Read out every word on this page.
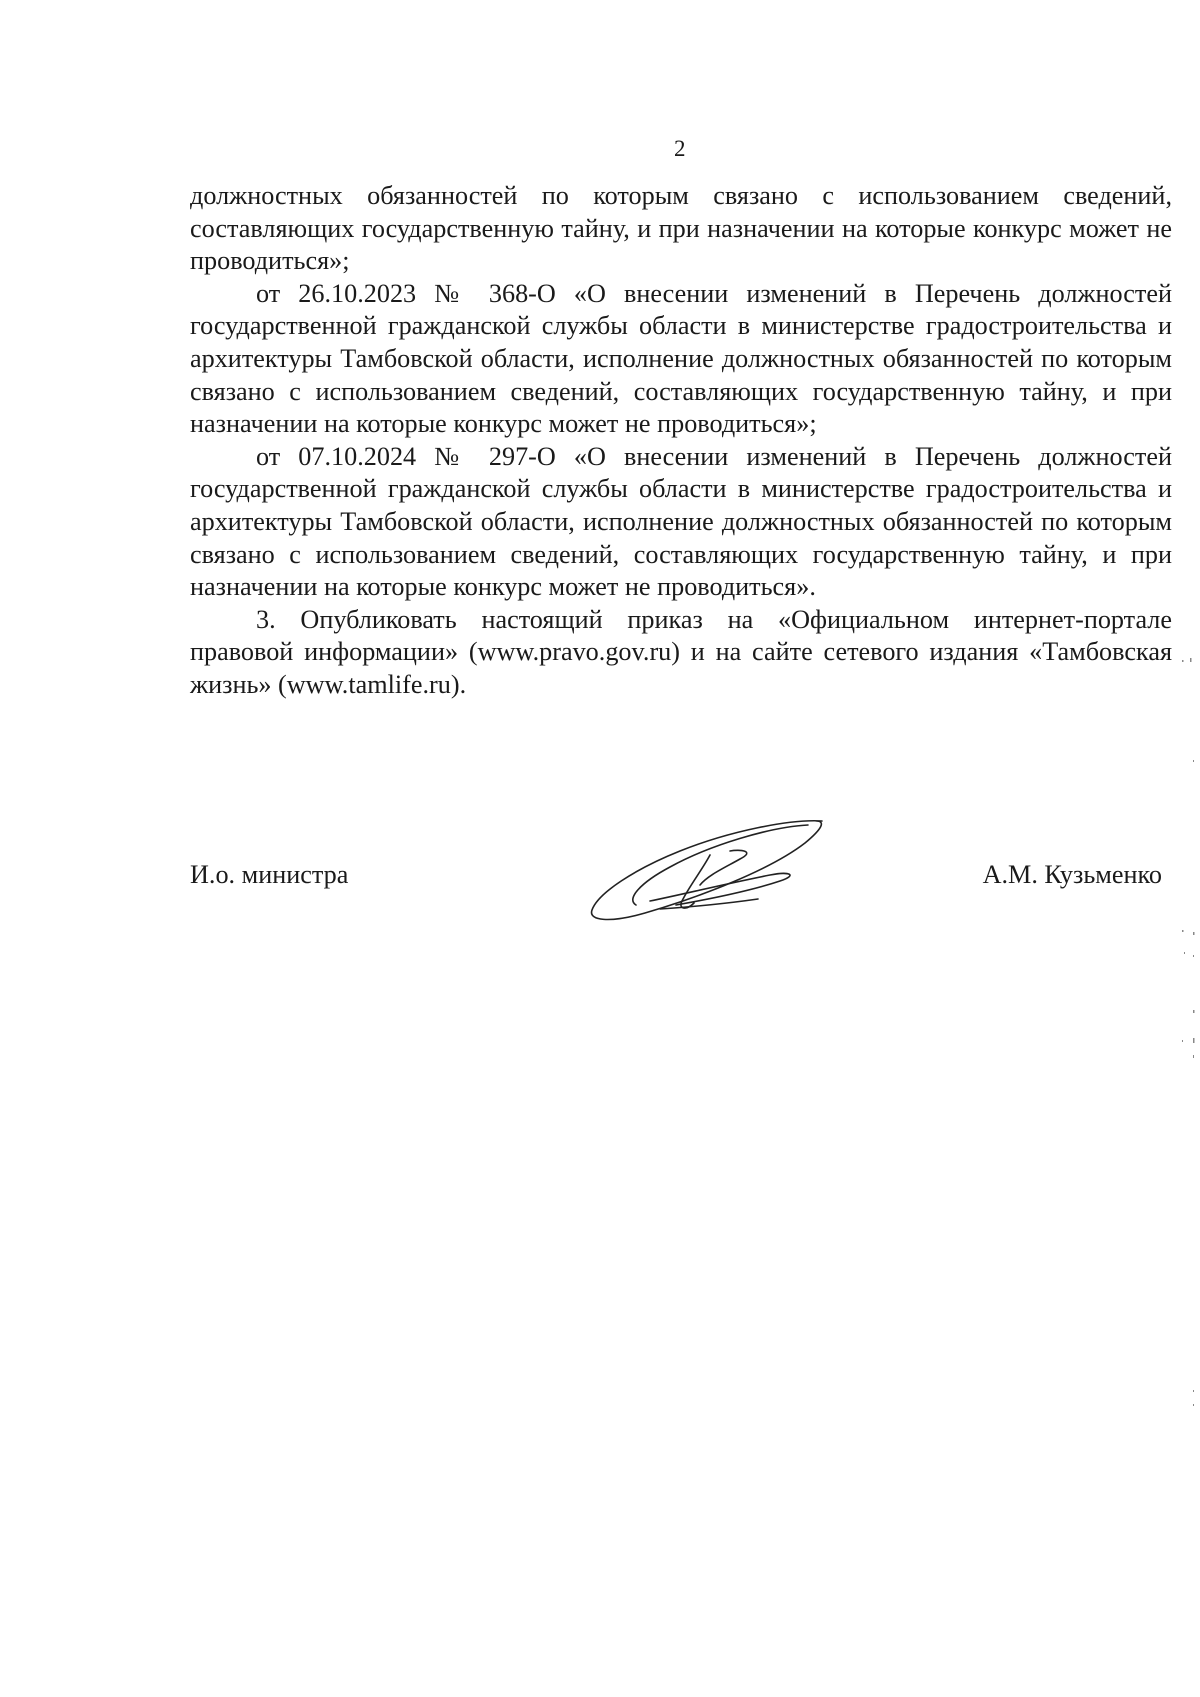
2

должностных обязанностей по которым связано с использованием сведений, составляющих государственную тайну, и при назначении на которые конкурс может не проводиться»;

от 26.10.2023 № 368-О «О внесении изменений в Перечень должностей государственной гражданской службы области в министерстве градостроительства и архитектуры Тамбовской области, исполнение должностных обязанностей по которым связано с использованием сведений, составляющих государственную тайну, и при назначении на которые конкурс может не проводиться»;

от 07.10.2024 № 297-О «О внесении изменений в Перечень должностей государственной гражданской службы области в министерстве градостроительства и архитектуры Тамбовской области, исполнение должностных обязанностей по которым связано с использованием сведений, составляющих государственную тайну, и при назначении на которые конкурс может не проводиться».

3. Опубликовать настоящий приказ на «Официальном интернет-портале правовой информации» (www.pravo.gov.ru) и на сайте сетевого издания «Тамбовская жизнь» (www.tamlife.ru).

И.о. министра	А.М. Кузьменко
